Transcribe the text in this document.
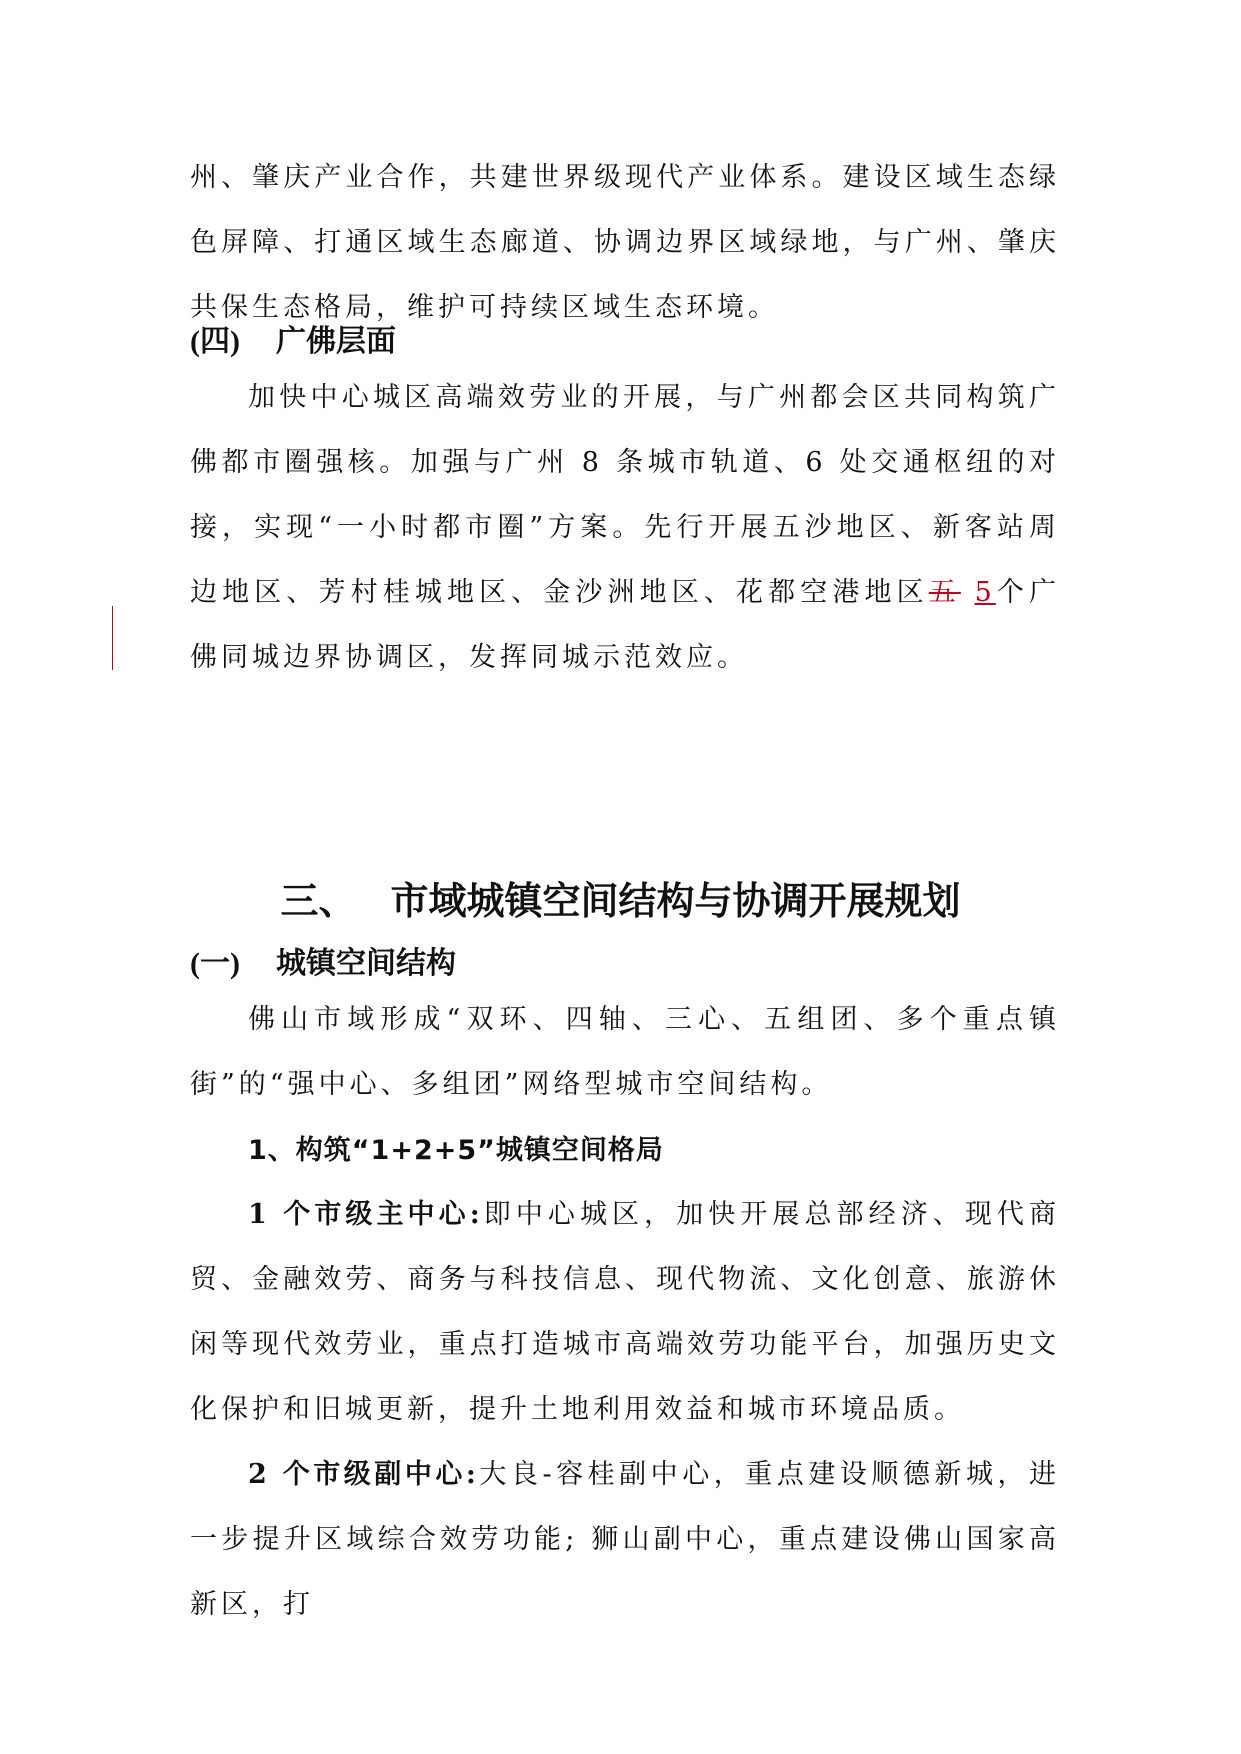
州、肇庆产业合作，共建世界级现代产业体系。建设区域生态绿色屏障、打通区域生态廊道、协调边界区域绿地，与广州、肇庆共保生态格局，维护可持续区域生态环境。

(四) 广佛层面

加快中心城区高端效劳业的开展，与广州都会区共同构筑广佛都市圈强核。加强与广州 8 条城市轨道、6 处交通枢纽的对接，实现“一小时都市圈”方案。先行开展五沙地区、新客站周边地区、芳村桂城地区、金沙洲地区、花都空港地区五 5个广佛同城边界协调区，发挥同城示范效应。

三、 市域城镇空间结构与协调开展规划
(一) 城镇空间结构

佛山市域形成“双环、四轴、三心、五组团、多个重点镇街”的“强中心、多组团”网络型城市空间结构。

1、构筑“1+2+5”城镇空间格局

1 个市级主中心:即中心城区，加快开展总部经济、现代商贸、金融效劳、商务与科技信息、现代物流、文化创意、旅游休闲等现代效劳业，重点打造城市高端效劳功能平台，加强历史文化保护和旧城更新，提升土地利用效益和城市环境品质。

2 个市级副中心:大良-容桂副中心，重点建设顺德新城，进一步提升区域综合效劳功能; 狮山副中心，重点建设佛山国家高新区，打
